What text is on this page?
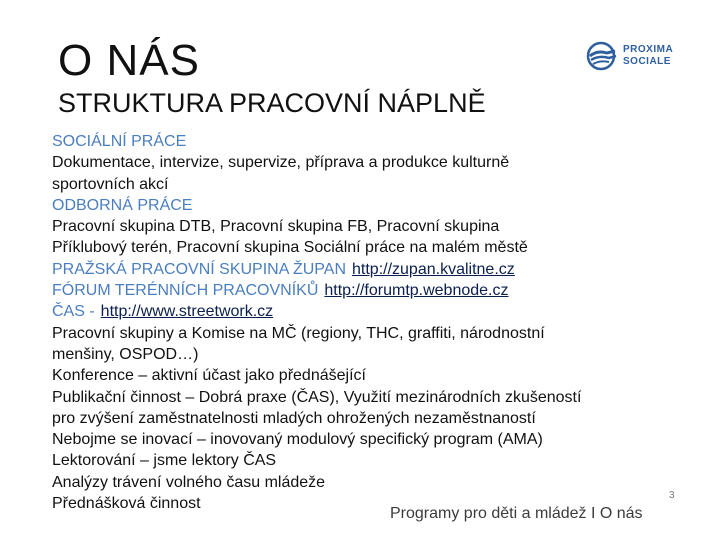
O NÁS
STRUKTURA PRACOVNÍ NÁPLNĚ
PROXIMA
SOCIALE
SOCIÁLNÍ PRÁCE
Dokumentace, intervize, supervize, příprava a produkce kulturně
sportovních akcí
ODBORNÁ PRÁCE
Pracovní skupina DTB, Pracovní skupina FB, Pracovní skupina
Příklubový terén, Pracovní skupina Sociální práce na malém městě
PRAŽSKÁ PRACOVNÍ SKUPINA ŽUPAN http://zupan.kvalitne.cz
FÓRUM TERÉNNÍCH PRACOVNÍKŮ http://forumtp.webnode.cz
ČAS - http://www.streetwork.cz
Pracovní skupiny a Komise na MČ (regiony, THC, graffiti, národnostní
menšiny, OSPOD…)
Konference – aktivní účast jako přednášející
Publikační činnost – Dobrá praxe (ČAS), Využití mezinárodních zkušeností
pro zvýšení zaměstnatelnosti mladých ohrožených nezaměstnaností
Nebojme se inovací – inovovaný modulový specifický program (AMA)
Lektorování – jsme lektory ČAS
Analýzy trávení volného času mládeže
Přednášková činnost	3
Programy pro děti a mládež I O nás
